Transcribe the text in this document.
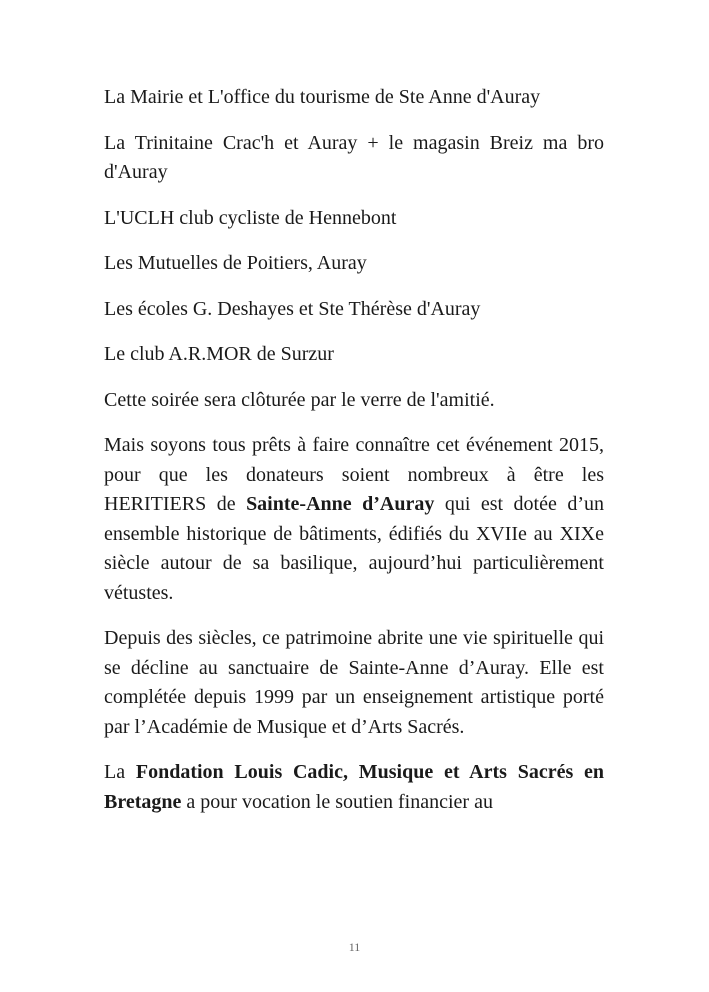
La Mairie et L'office du tourisme de Ste Anne d'Auray

La Trinitaine Crac'h et Auray + le magasin Breiz ma bro d'Auray

L'UCLH club cycliste de Hennebont

Les Mutuelles de Poitiers, Auray

Les écoles G. Deshayes et Ste Thérèse d'Auray

Le club A.R.MOR de Surzur

Cette soirée sera clôturée par le verre de l'amitié.

Mais soyons tous prêts à faire connaître cet événement 2015, pour que les donateurs soient nombreux à être les HERITIERS de Sainte-Anne d’Auray qui est dotée d’un ensemble historique de bâtiments, édifiés du XVIIe au XIXe siècle autour de sa basilique, aujourd’hui particulièrement vétustes.

Depuis des siècles, ce patrimoine abrite une vie spirituelle qui se décline au sanctuaire de Sainte-Anne d’Auray. Elle est complétée depuis 1999 par un enseignement artistique porté par l’Académie de Musique et d’Arts Sacrés.

La Fondation Louis Cadic, Musique et Arts Sacrés en Bretagne a pour vocation le soutien financier au

11
